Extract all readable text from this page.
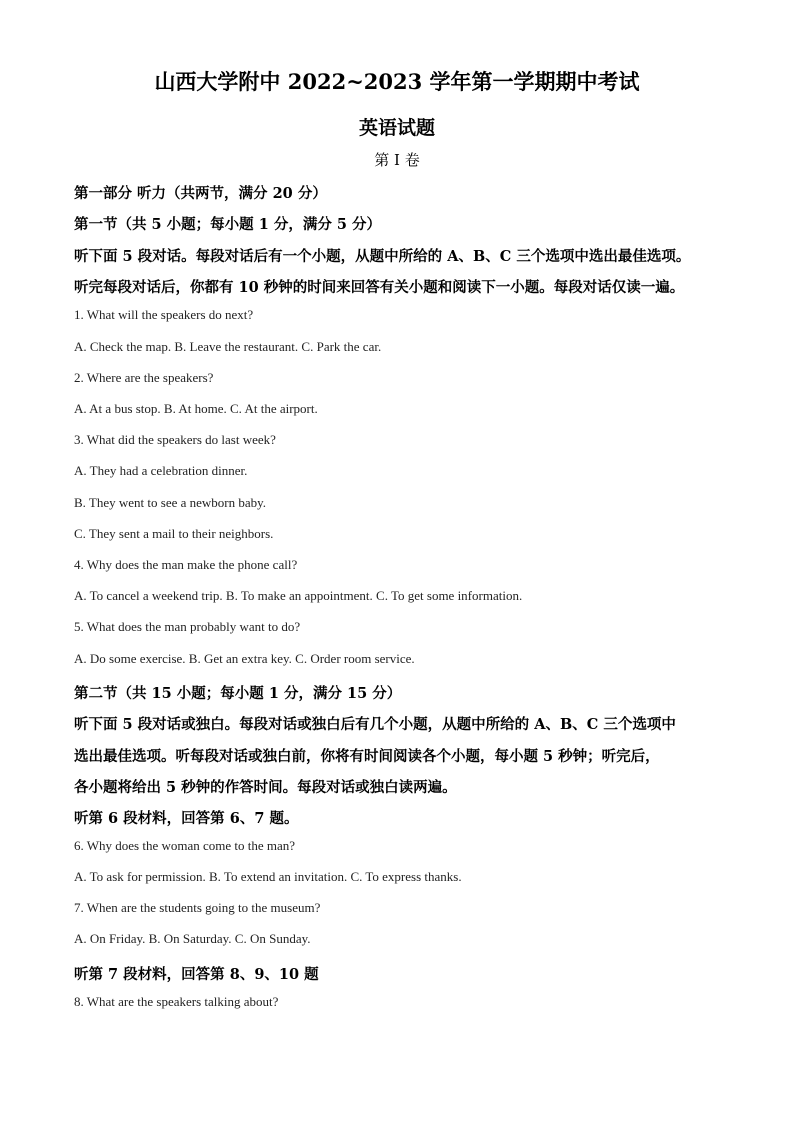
山西大学附中 2022~2023 学年第一学期期中考试
英语试题
第 I 卷
第一部分 听力（共两节，满分 20 分）
第一节（共 5 小题；每小题 1 分，满分 5 分）
听下面 5 段对话。每段对话后有一个小题，从题中所给的 A、B、C 三个选项中选出最佳选项。
听完每段对话后，你都有 10 秒钟的时间来回答有关小题和阅读下一小题。每段对话仅读一遍。
1. What will the speakers do next?
A. Check the map. B. Leave the restaurant. C. Park the car.
2. Where are the speakers?
A. At a bus stop. B. At home. C. At the airport.
3. What did the speakers do last week?
A. They had a celebration dinner.
B. They went to see a newborn baby.
C. They sent a mail to their neighbors.
4. Why does the man make the phone call?
A. To cancel a weekend trip. B. To make an appointment. C. To get some information.
5. What does the man probably want to do?
A. Do some exercise. B. Get an extra key. C. Order room service.
第二节（共 15 小题；每小题 1 分，满分 15 分）
听下面 5 段对话或独白。每段对话或独白后有几个小题，从题中所给的 A、B、C 三个选项中
选出最佳选项。听每段对话或独白前，你将有时间阅读各个小题，每小题 5 秒钟；听完后，
各小题将给出 5 秒钟的作答时间。每段对话或独白读两遍。
听第 6 段材料，回答第 6、7 题。
6. Why does the woman come to the man?
A. To ask for permission. B. To extend an invitation. C. To express thanks.
7. When are the students going to the museum?
A. On Friday. B. On Saturday. C. On Sunday.
听第 7 段材料，回答第 8、9、10 题
8. What are the speakers talking about?
